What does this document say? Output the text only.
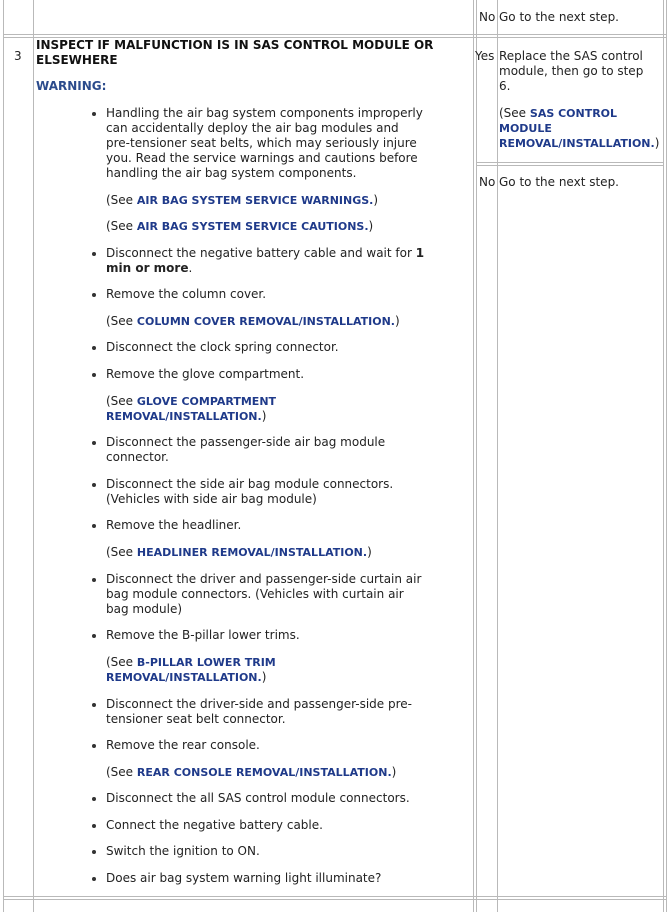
No Go to the next step.
3
INSPECT IF MALFUNCTION IS IN SAS CONTROL MODULE OR
ELSEWHERE
WARNING:
Handling the air bag system components improperly
can accidentally deploy the air bag modules and
pre-tensioner seat belts, which may seriously injure
you. Read the service warnings and cautions before
handling the air bag system components.
(See AIR BAG SYSTEM SERVICE WARNINGS.)
(See AIR BAG SYSTEM SERVICE CAUTIONS.)
Disconnect the negative battery cable and wait for 1
min or more.
Remove the column cover.
(See COLUMN COVER REMOVAL/INSTALLATION.)
Disconnect the clock spring connector.
Remove the glove compartment.
(See GLOVE COMPARTMENT
REMOVAL/INSTALLATION.)
Disconnect the passenger-side air bag module
connector.
Disconnect the side air bag module connectors.
(Vehicles with side air bag module)
Remove the headliner.
(See HEADLINER REMOVAL/INSTALLATION.)
Disconnect the driver and passenger-side curtain air
bag module connectors. (Vehicles with curtain air
bag module)
Remove the B-pillar lower trims.
(See B-PILLAR LOWER TRIM
REMOVAL/INSTALLATION.)
Disconnect the driver-side and passenger-side pre-
tensioner seat belt connector.
Remove the rear console.
(See REAR CONSOLE REMOVAL/INSTALLATION.)
Disconnect the all SAS control module connectors.
Connect the negative battery cable.
Switch the ignition to ON.
Does air bag system warning light illuminate?
Yes Replace the SAS control
module, then go to step
6.
(See SAS CONTROL
MODULE
REMOVAL/INSTALLATION.)
No Go to the next step.
